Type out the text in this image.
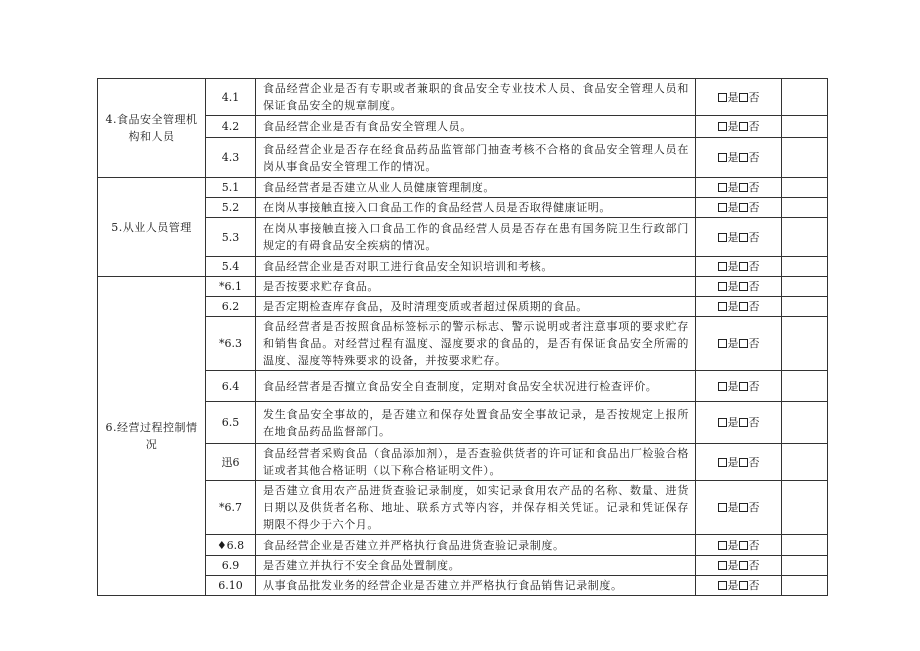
4.食品安全管理机构和人员	4.1	食品经营企业是否有专职或者兼职的食品安全专业技术人员、食品安全管理人员和保证食品安全的规章制度。	是 否	
	4.2	食品经营企业是否有食品安全管理人员。	是 否	
	4.3	食品经营企业是否存在经食品药品监管部门抽查考核不合格的食品安全管理人员在岗从事食品安全管理工作的情况。	是 否	
5.从业人员管理	5.1	食品经营者是否建立从业人员健康管理制度。	是 否	
	5.2	在岗从事接触直接入口食品工作的食品经营人员是否取得健康证明。	是 否	
	5.3	在岗从事接触直接入口食品工作的食品经营人员是否存在患有国务院卫生行政部门规定的有碍食品安全疾病的情况。	是 否	
	5.4	食品经营企业是否对职工进行食品安全知识培训和考核。	是 否	
6.经营过程控制情况	*6.1	是否按要求贮存食品。	是 否	
	6.2	是否定期检查库存食品，及时清理变质或者超过保质期的食品。	是 否	
	*6.3	食品经营者是否按照食品标签标示的警示标志、警示说明或者注意事项的要求贮存和销售食品。对经营过程有温度、湿度要求的食品的，是否有保证食品安全所需的温度、湿度等特殊要求的设备，并按要求贮存。	是 否	
	6.4	食品经营者是否擅立食品安全自查制度，定期对食品安全状况进行检查评价。	是 否	
	6.5	发生食品安全事故的，是否建立和保存处置食品安全事故记录，是否按规定上报所在地食品药品监督部门。	是 否	
	迅6	食品经营者采购食品（食品添加剂），是否查验供货者的许可证和食品出厂检验合格证或者其他合格证明（以下称合格证明文件）。	是 否	
	*6.7	是否建立食用农产品进货查验记录制度，如实记录食用农产品的名称、数量、进货日期以及供货者名称、地址、联系方式等内容，并保存相关凭证。记录和凭证保存期限不得少于六个月。	是 否	
	♦6.8	食品经营企业是否建立并严格执行食品进货查验记录制度。	是 否	
	6.9	是否建立并执行不安全食品处置制度。	是 否	
	6.10	从事食品批发业务的经营企业是否建立并严格执行食品销售记录制度。	是 否	
